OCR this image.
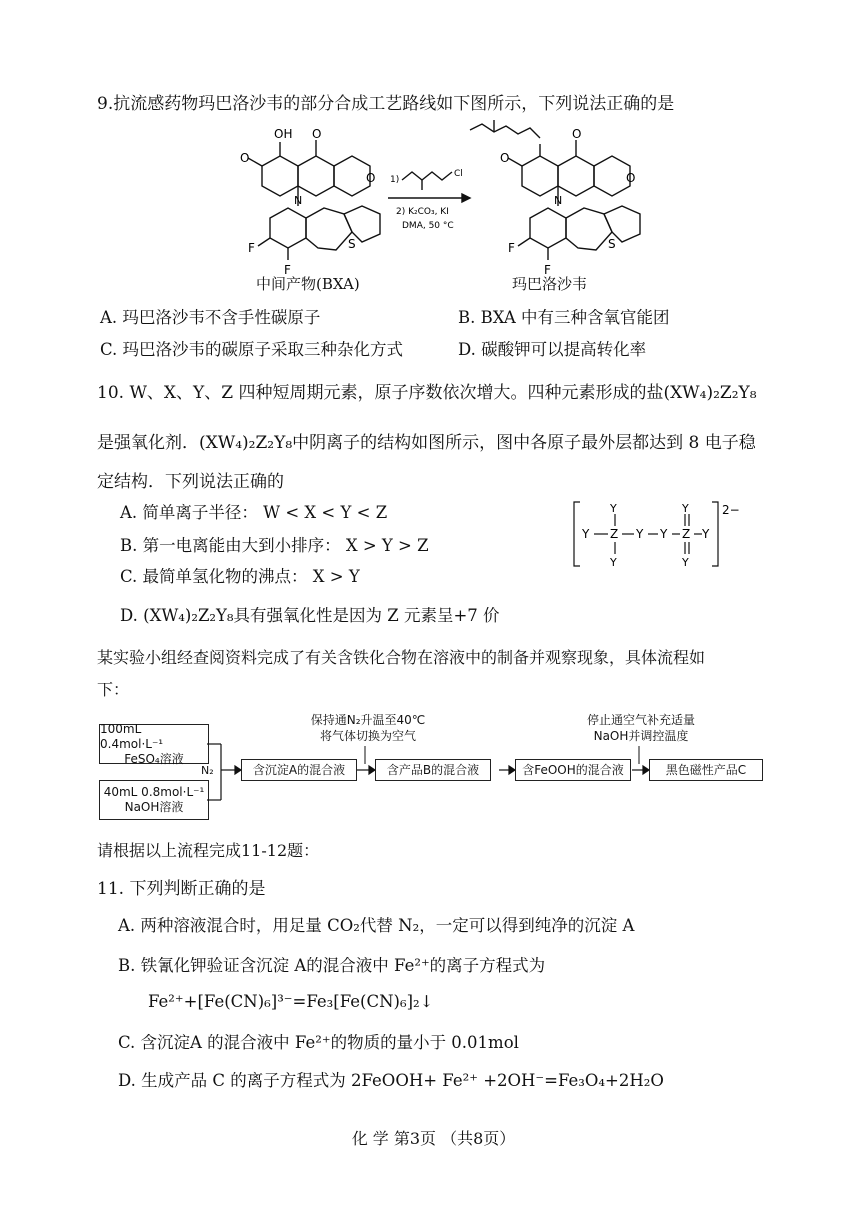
9.抗流感药物玛巴洛沙韦的部分合成工艺路线如下图所示，下列说法正确的是
OH
O
O
O
N
F
F
S
1)
Cl
2) K₂CO₃, KI
DMA, 50 °C
O
O
O
N
F
F
S
中间产物(BXA)	玛巴洛沙韦
A. 玛巴洛沙韦不含手性碳原子	B. BXA 中有三种含氧官能团
C. 玛巴洛沙韦的碳原子采取三种杂化方式	D. 碳酸钾可以提高转化率
10. W、X、Y、Z 四种短周期元素，原子序数依次增大。四种元素形成的盐(XW₄)₂Z₂Y₈
是强氧化剂．(XW₄)₂Z₂Y₈中阴离子的结构如图所示，图中各原子最外层都达到 8 电子稳
定结构．下列说法正确的
A. 简单离子半径： W < X < Y < Z
B. 第一电离能由大到小排序： X > Y > Z
C. 最简单氢化物的沸点： X > Y
D. (XW₄)₂Z₂Y₈具有强氧化性是因为 Z 元素呈+7 价
Y
Y
Z
Y
Y Y
Y
Z
Y
Y
2−
某实验小组经查阅资料完成了有关含铁化合物在溶液中的制备并观察现象，具体流程如
下：
100mL 0.4mol·L⁻¹
FeSO₄溶液
40mL 0.8mol·L⁻¹
NaOH溶液
N₂	含沉淀A的混合液	含产品B的混合液	含FeOOH的混合液	黑色磁性产品C
保持通N₂升温至40℃
将气体切换为空气
停止通空气补充适量
NaOH并调控温度
请根据以上流程完成11-12题：
11. 下列判断正确的是
A. 两种溶液混合时，用足量 CO₂代替 N₂，一定可以得到纯净的沉淀 A
B. 铁氰化钾验证含沉淀 A的混合液中 Fe²⁺的离子方程式为
Fe²⁺+[Fe(CN)₆]³⁻=Fe₃[Fe(CN)₆]₂↓
C. 含沉淀A 的混合液中 Fe²⁺的物质的量小于 0.01mol
D. 生成产品 C 的离子方程式为 2FeOOH+ Fe²⁺ +2OH⁻=Fe₃O₄+2H₂O
化 学 第3页 （共8页）
